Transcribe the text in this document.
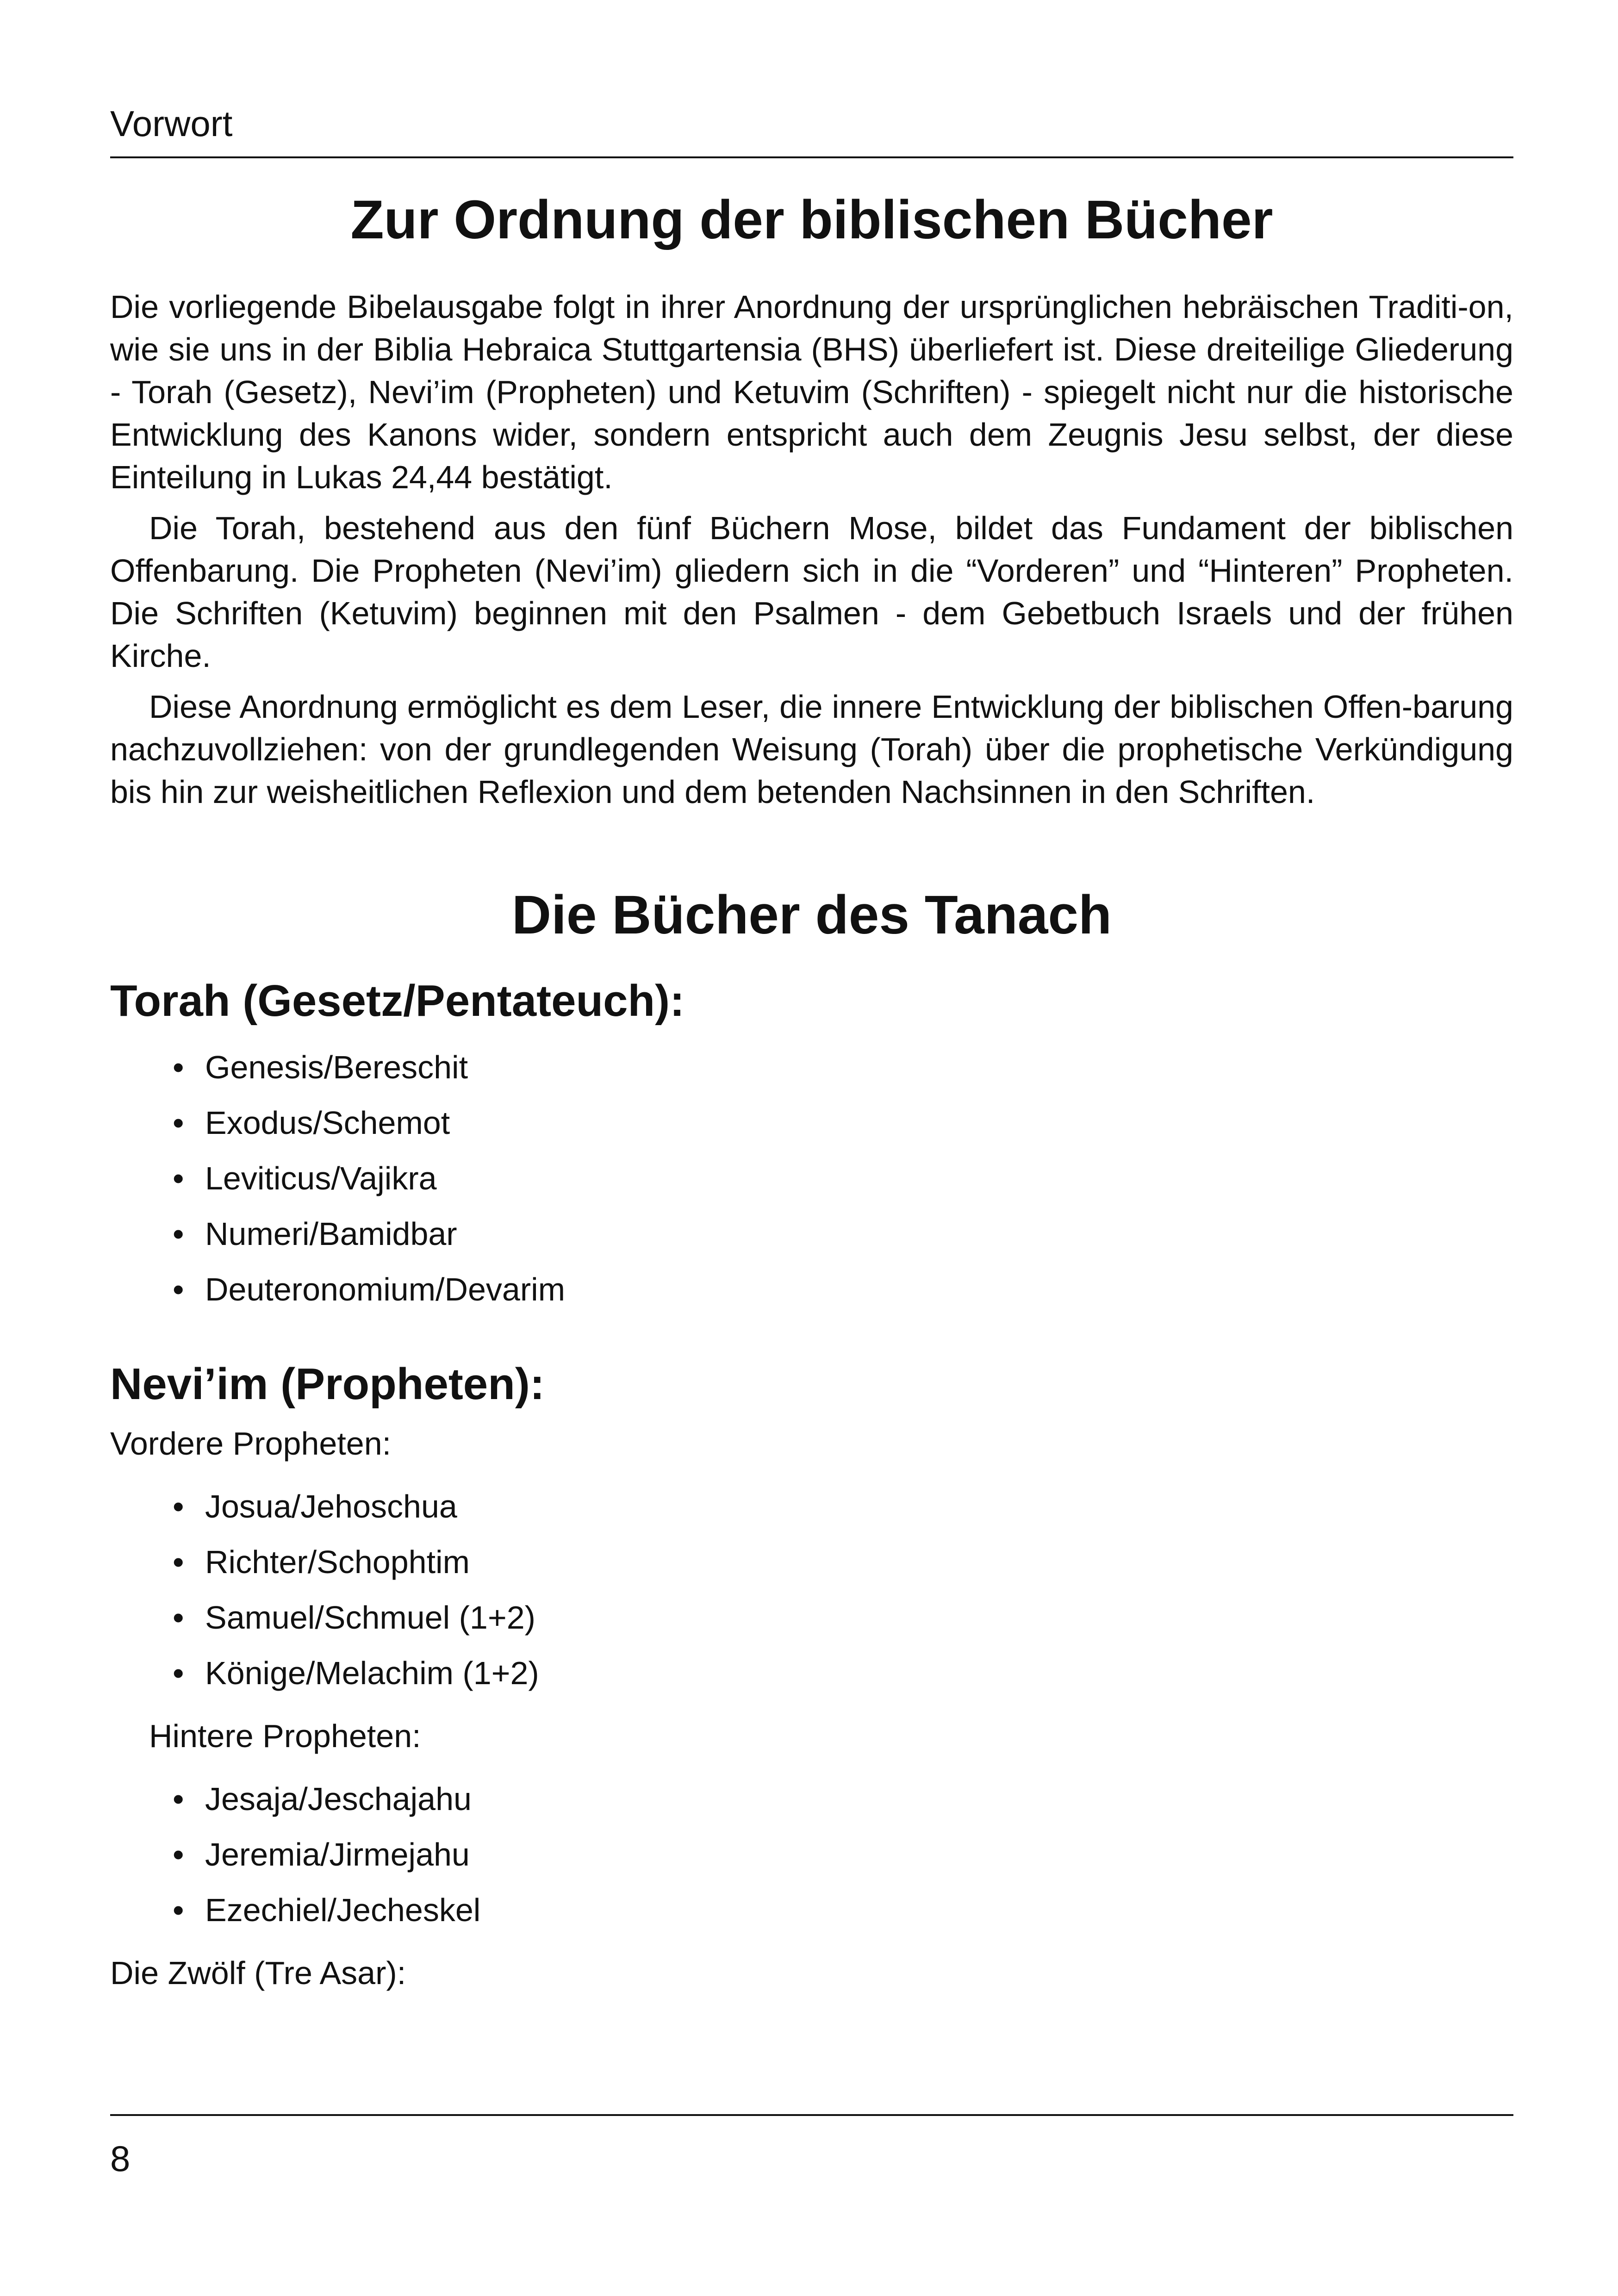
Vorwort
Zur Ordnung der biblischen Bücher

Die vorliegende Bibelausgabe folgt in ihrer Anordnung der ursprünglichen hebräischen Traditi-on, wie sie uns in der Biblia Hebraica Stuttgartensia (BHS) überliefert ist. Diese dreiteilige Gliederung - Torah (Gesetz), Nevi’im (Propheten) und Ketuvim (Schriften) - spiegelt nicht nur die historische Entwicklung des Kanons wider, sondern entspricht auch dem Zeugnis Jesu selbst, der diese Einteilung in Lukas 24,44 bestätigt.

Die Torah, bestehend aus den fünf Büchern Mose, bildet das Fundament der biblischen Offenbarung. Die Propheten (Nevi’im) gliedern sich in die “Vorderen” und “Hinteren” Propheten. Die Schriften (Ketuvim) beginnen mit den Psalmen - dem Gebetbuch Israels und der frühen Kirche.

Diese Anordnung ermöglicht es dem Leser, die innere Entwicklung der biblischen Offen-barung nachzuvollziehen: von der grundlegenden Weisung (Torah) über die prophetische Verkündigung bis hin zur weisheitlichen Reflexion und dem betenden Nachsinnen in den Schriften.

Die Bücher des Tanach
Torah (Gesetz/Pentateuch):
• Genesis/Bereschit
• Exodus/Schemot
• Leviticus/Vajikra
• Numeri/Bamidbar
• Deuteronomium/Devarim
Nevi’im (Propheten):
Vordere Propheten:
• Josua/Jehoschua
• Richter/Schophtim
• Samuel/Schmuel (1+2)
• Könige/Melachim (1+2)
Hintere Propheten:
• Jesaja/Jeschajahu
• Jeremia/Jirmejahu
• Ezechiel/Jecheskel
Die Zwölf (Tre Asar):
8
